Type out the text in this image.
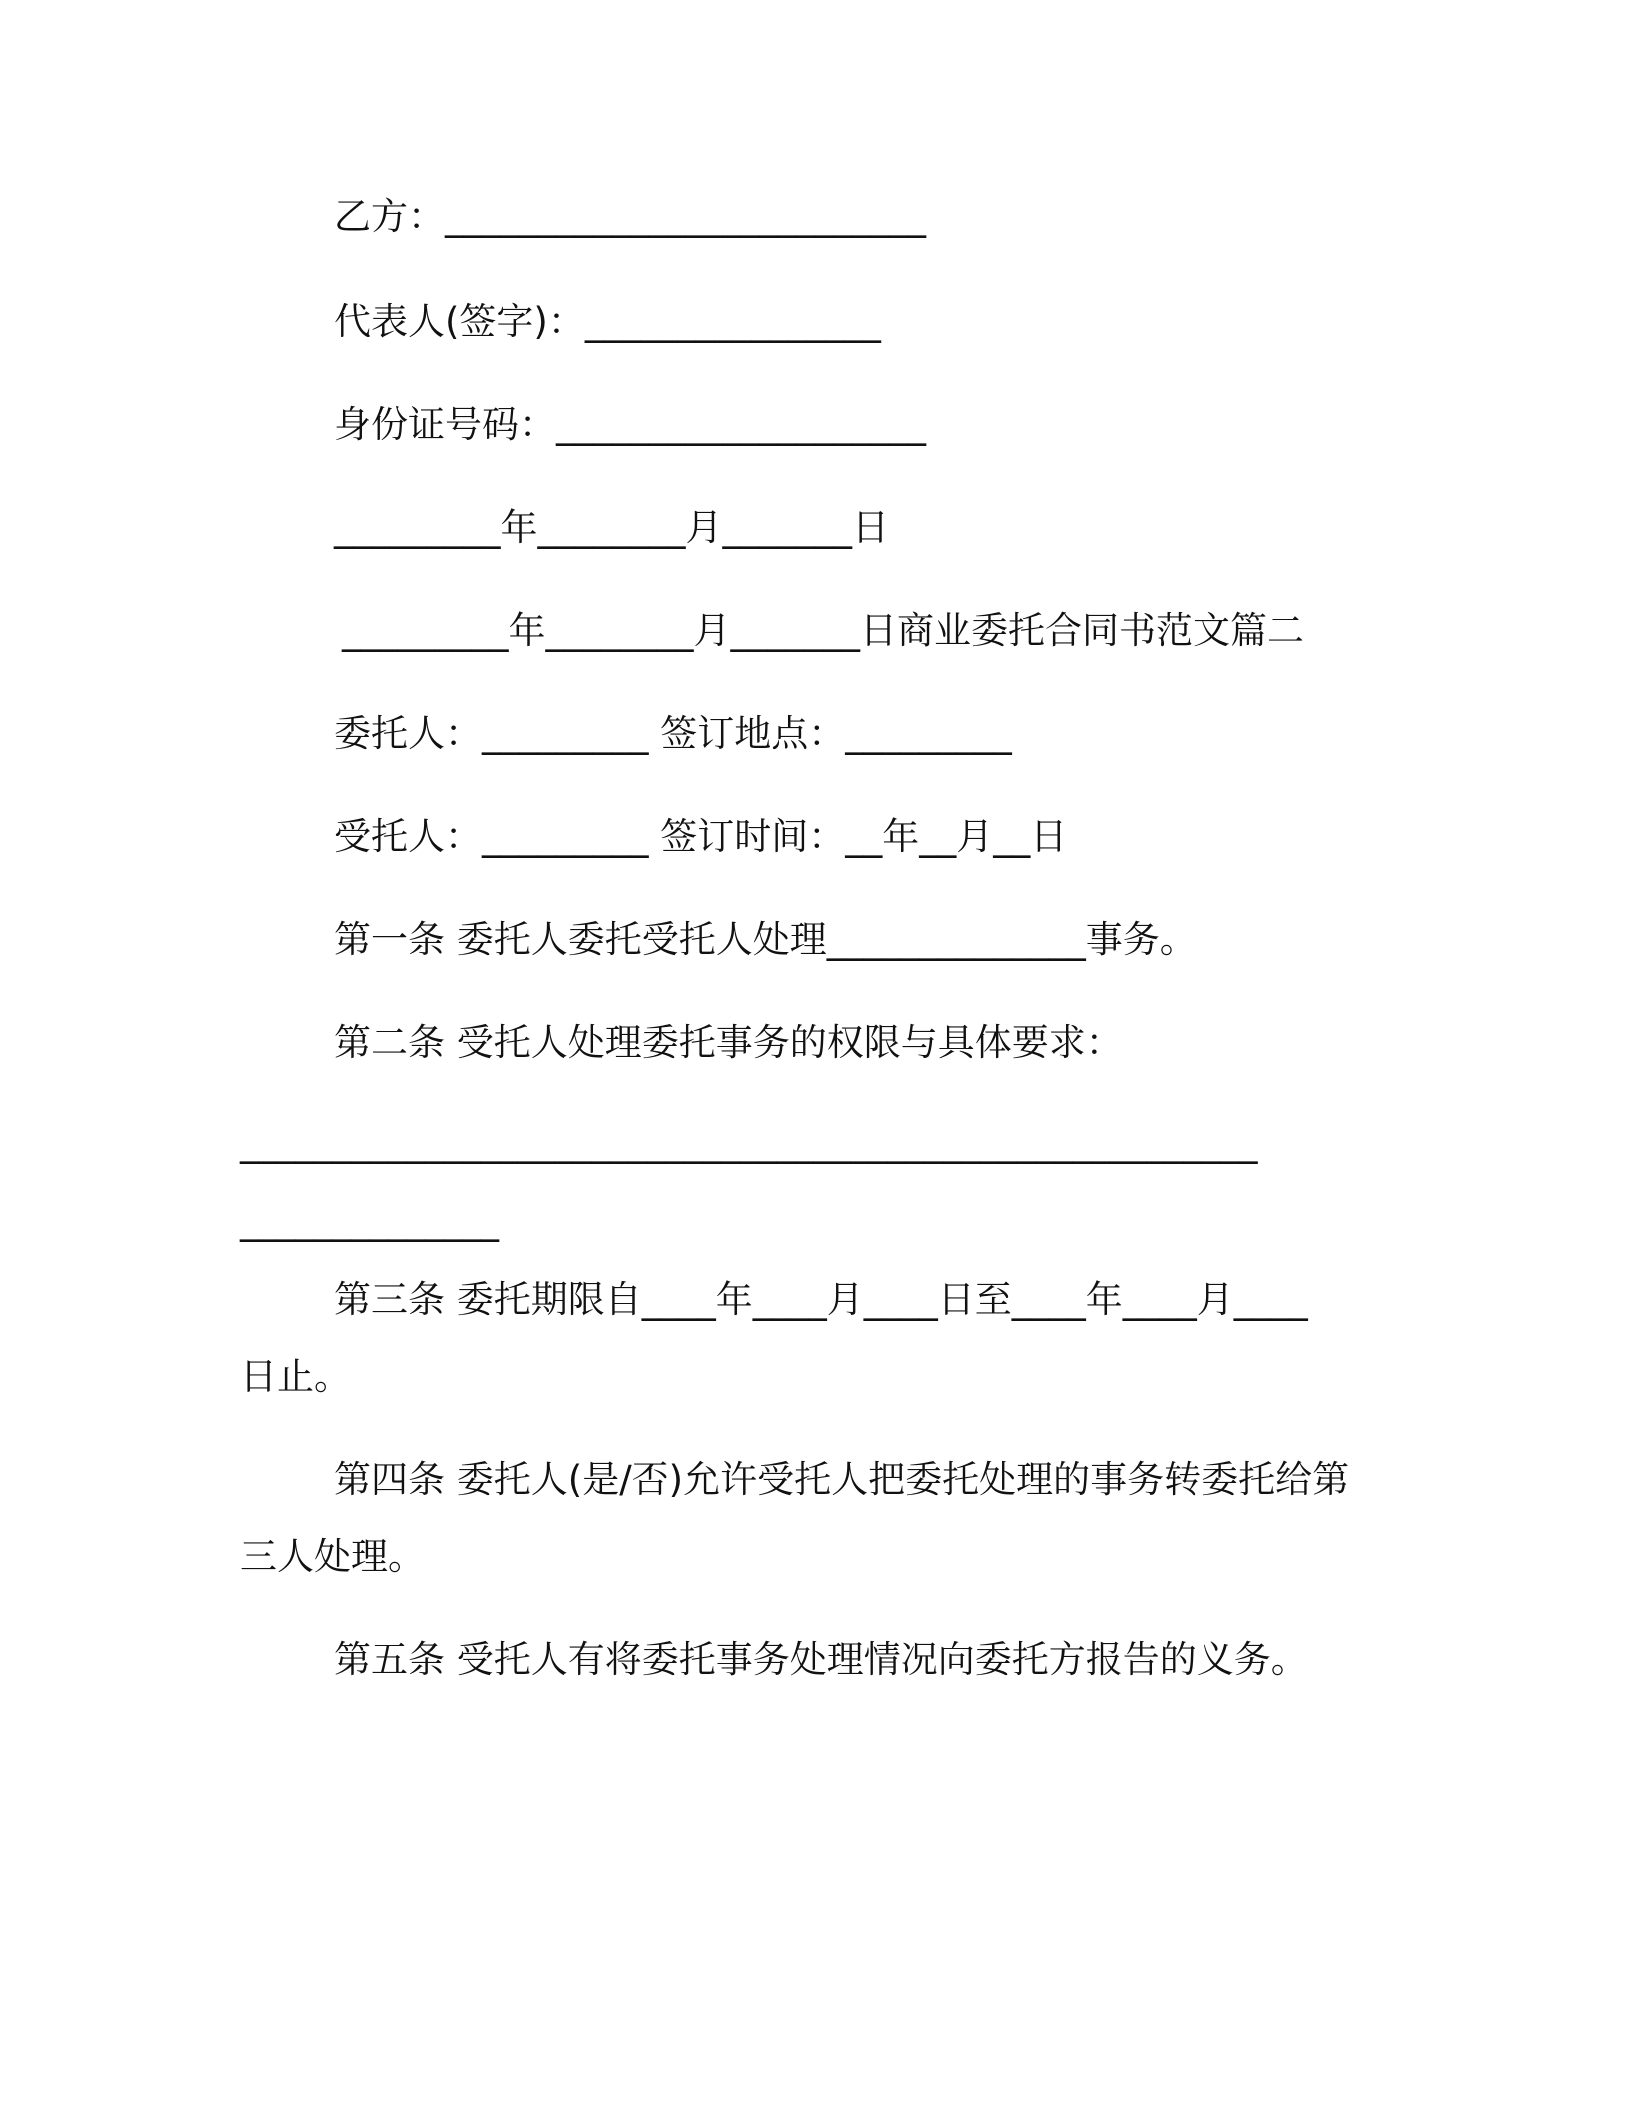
乙方：__________________________
代表人(签字)：________________
身份证号码：____________________
_________年________月_______日
_________年________月_______日商业委托合同书范文篇二
委托人：_________ 签订地点：_________
受托人：_________ 签订时间：__年__月__日
第一条 委托人委托受托人处理______________事务。
第二条 受托人处理委托事务的权限与具体要求：
_______________________________________________________
______________
第三条 委托期限自____年____月____日至____年____月____
日止。
第四条 委托人(是/否)允许受托人把委托处理的事务转委托给第
三人处理。
第五条 受托人有将委托事务处理情况向委托方报告的义务。
